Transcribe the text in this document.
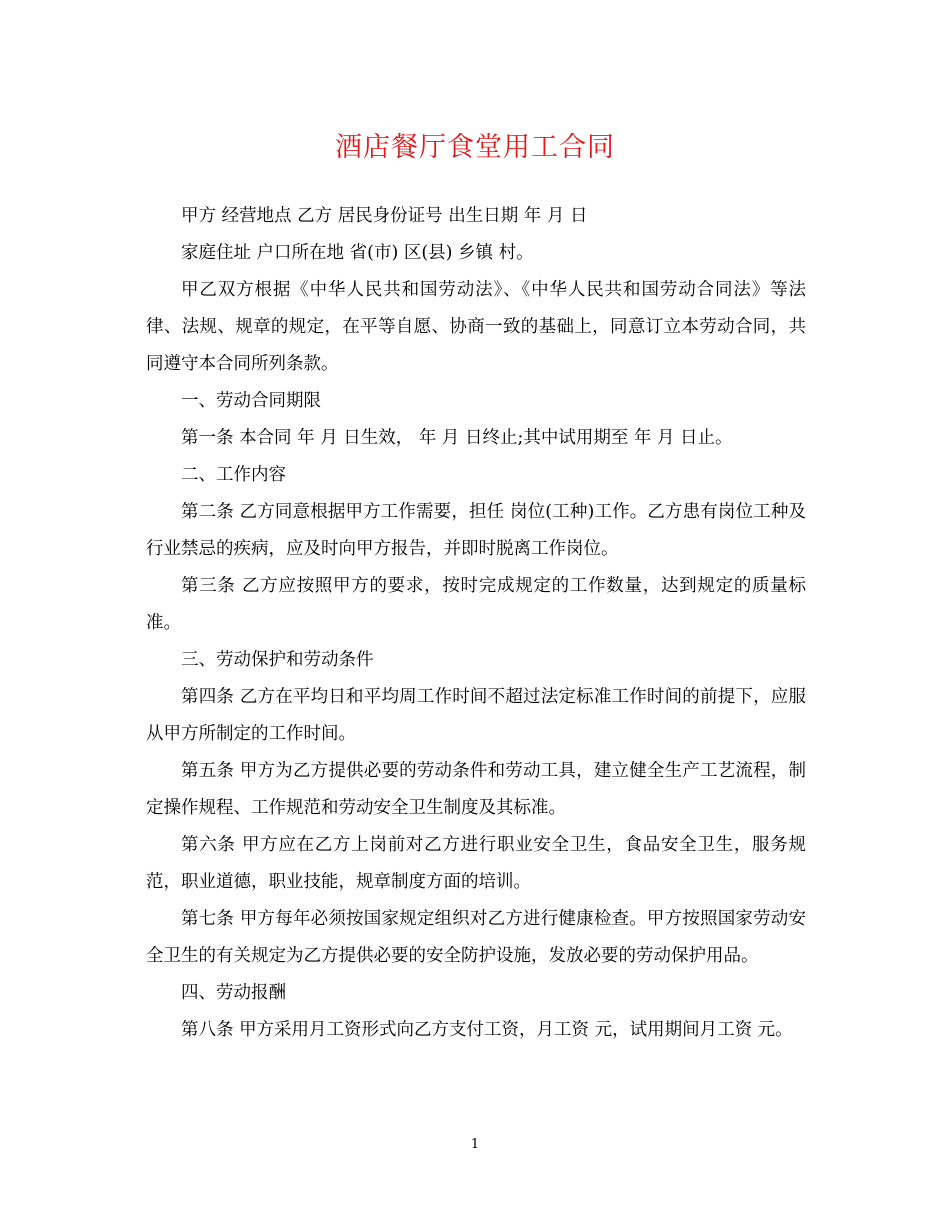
酒店餐厅食堂用工合同

甲方 经营地点 乙方 居民身份证号 出生日期 年 月 日

家庭住址 户口所在地 省(市) 区(县) 乡镇 村。

甲乙双方根据《中华人民共和国劳动法》、《中华人民共和国劳动合同法》等法律、法规、规章的规定，在平等自愿、协商一致的基础上，同意订立本劳动合同，共同遵守本合同所列条款。

一、劳动合同期限

第一条 本合同 年 月 日生效， 年 月 日终止;其中试用期至 年 月 日止。

二、工作内容

第二条 乙方同意根据甲方工作需要，担任 岗位(工种)工作。乙方患有岗位工种及行业禁忌的疾病，应及时向甲方报告，并即时脱离工作岗位。

第三条 乙方应按照甲方的要求，按时完成规定的工作数量，达到规定的质量标准。

三、劳动保护和劳动条件

第四条 乙方在平均日和平均周工作时间不超过法定标准工作时间的前提下，应服从甲方所制定的工作时间。

第五条 甲方为乙方提供必要的劳动条件和劳动工具，建立健全生产工艺流程，制定操作规程、工作规范和劳动安全卫生制度及其标准。

第六条 甲方应在乙方上岗前对乙方进行职业安全卫生，食品安全卫生，服务规范，职业道德，职业技能，规章制度方面的培训。

第七条 甲方每年必须按国家规定组织对乙方进行健康检查。甲方按照国家劳动安全卫生的有关规定为乙方提供必要的安全防护设施，发放必要的劳动保护用品。

四、劳动报酬

第八条 甲方采用月工资形式向乙方支付工资，月工资 元，试用期间月工资 元。

1
